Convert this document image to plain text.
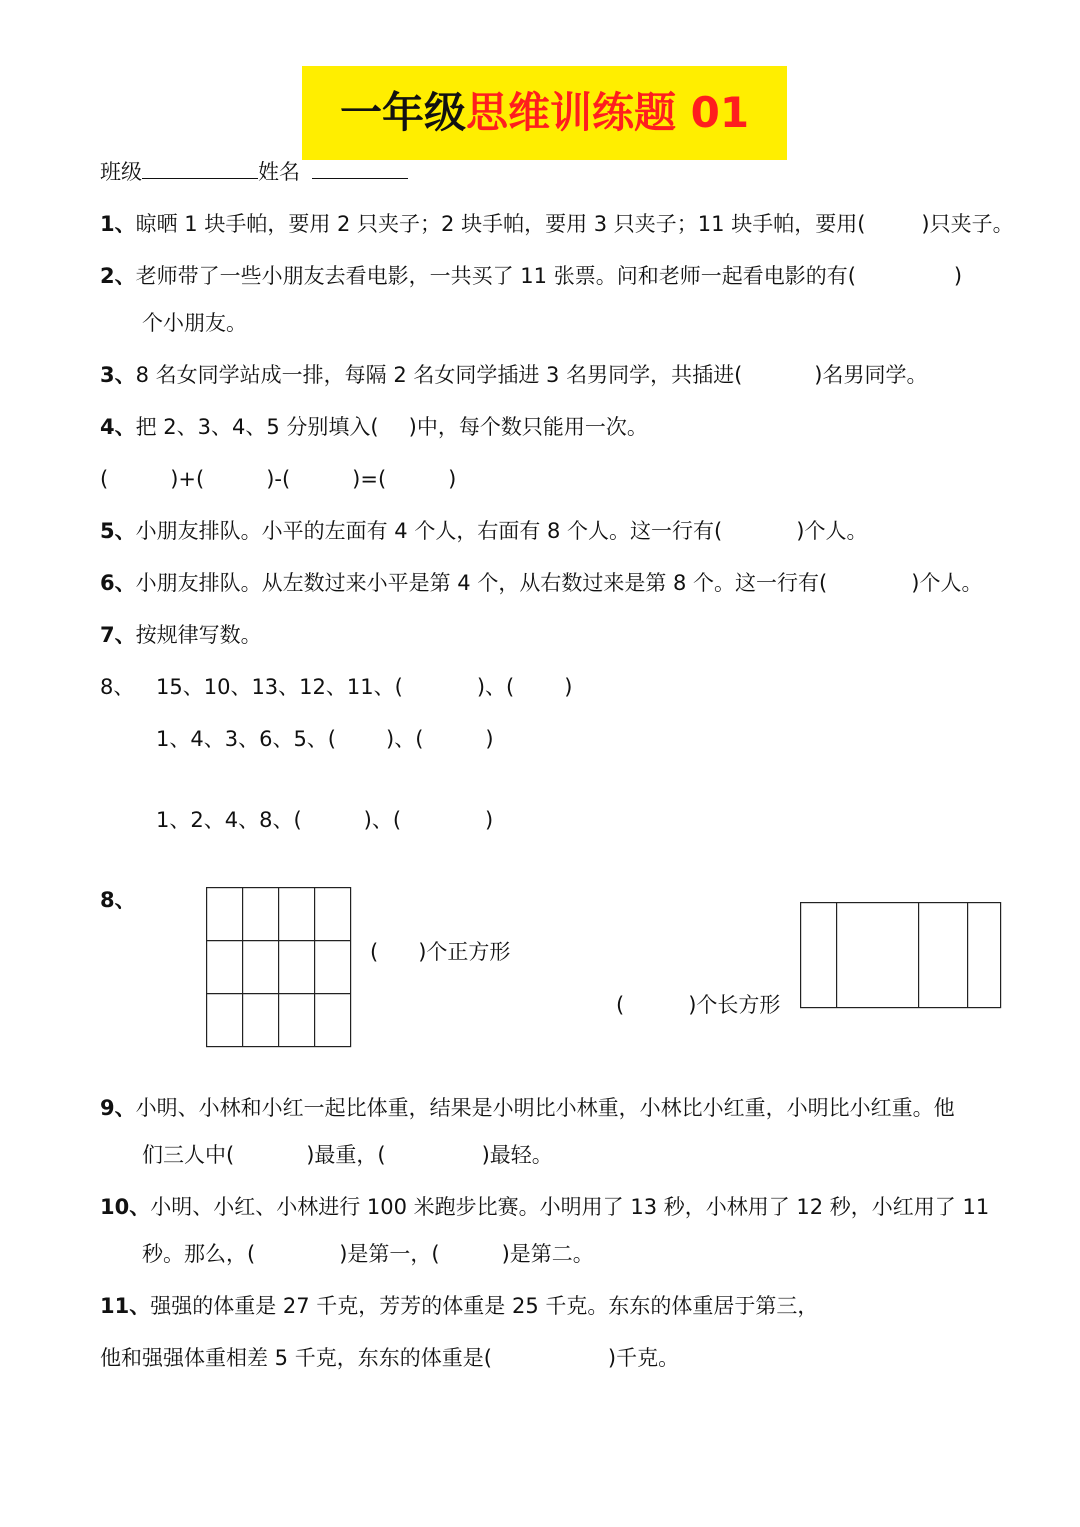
一年级思维训练题 01
班级	姓名
1、晾晒 1 块手帕，要用 2 只夹子；2 块手帕，要用 3 只夹子；11 块手帕，要用(	)只夹子。
2、老师带了一些小朋友去看电影，一共买了 11 张票。问和老师一起看电影的有(	)
个小朋友。
3、8 名女同学站成一排，每隔 2 名女同学插进 3 名男同学，共插进(	)名男同学。
4、把 2、3、4、5 分别填入( )中，每个数只能用一次。
(	)+(	)-(	)=(	)
5、小朋友排队。小平的左面有 4 个人，右面有 8 个人。这一行有(	)个人。
6、小朋友排队。从左数过来小平是第 4 个，从右数过来是第 8 个。这一行有(	)个人。
7、按规律写数。
8、 15、10、13、12、11、(	)、( )
1、4、3、6、5、( )、(	)
1、2、4、8、(	)、(	)
8、
( )个正方形
(	)个长方形
9、小明、小林和小红一起比体重，结果是小明比小林重，小林比小红重，小明比小红重。他
们三人中(	)最重，(	)最轻。
10、小明、小红、小林进行 100 米跑步比赛。小明用了 13 秒，小林用了 12 秒，小红用了 11
秒。那么，(	)是第一，(	)是第二。
11、强强的体重是 27 千克，芳芳的体重是 25 千克。东东的体重居于第三，
他和强强体重相差 5 千克，东东的体重是(	)千克。
